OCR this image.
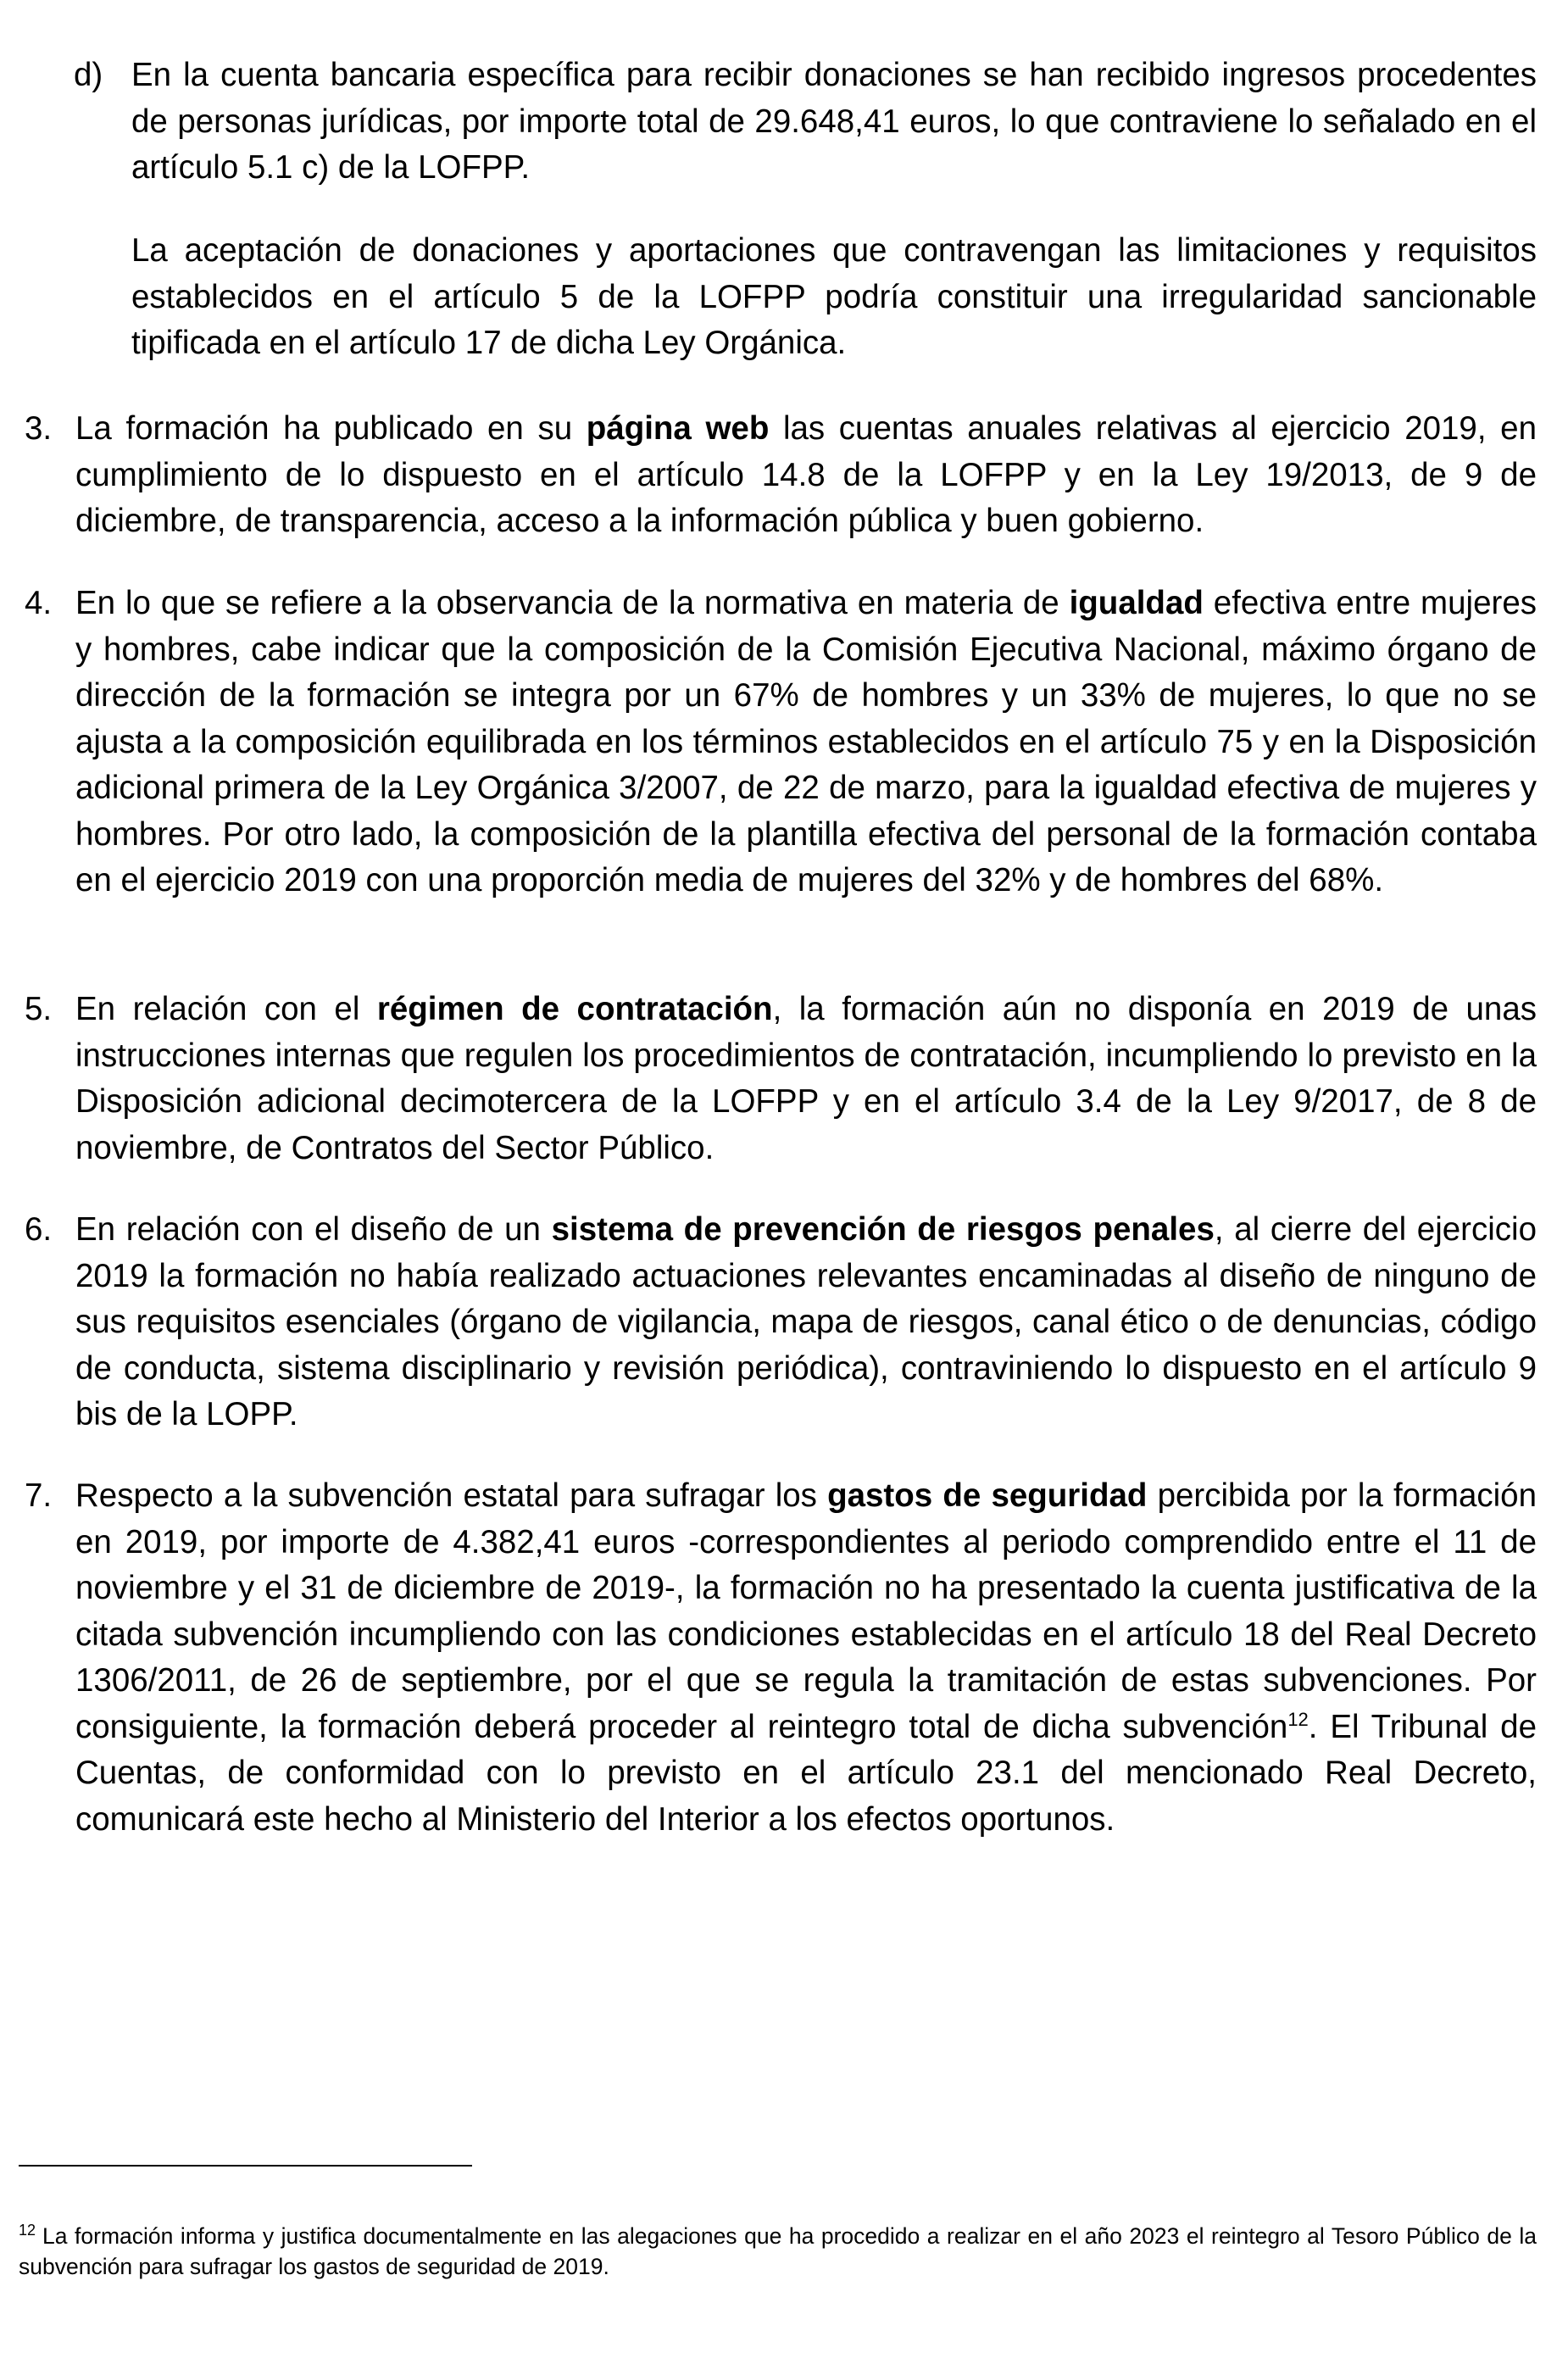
d) En la cuenta bancaria específica para recibir donaciones se han recibido ingresos procedentes de personas jurídicas, por importe total de 29.648,41 euros, lo que contraviene lo señalado en el artículo 5.1 c) de la LOFPP.

La aceptación de donaciones y aportaciones que contravengan las limitaciones y requisitos establecidos en el artículo 5 de la LOFPP podría constituir una irregularidad sancionable tipificada en el artículo 17 de dicha Ley Orgánica.

3. La formación ha publicado en su página web las cuentas anuales relativas al ejercicio 2019, en cumplimiento de lo dispuesto en el artículo 14.8 de la LOFPP y en la Ley 19/2013, de 9 de diciembre, de transparencia, acceso a la información pública y buen gobierno.

4. En lo que se refiere a la observancia de la normativa en materia de igualdad efectiva entre mujeres y hombres, cabe indicar que la composición de la Comisión Ejecutiva Nacional, máximo órgano de dirección de la formación se integra por un 67% de hombres y un 33% de mujeres, lo que no se ajusta a la composición equilibrada en los términos establecidos en el artículo 75 y en la Disposición adicional primera de la Ley Orgánica 3/2007, de 22 de marzo, para la igualdad efectiva de mujeres y hombres. Por otro lado, la composición de la plantilla efectiva del personal de la formación contaba en el ejercicio 2019 con una proporción media de mujeres del 32% y de hombres del 68%.

5. En relación con el régimen de contratación, la formación aún no disponía en 2019 de unas instrucciones internas que regulen los procedimientos de contratación, incumpliendo lo previsto en la Disposición adicional decimotercera de la LOFPP y en el artículo 3.4 de la Ley 9/2017, de 8 de noviembre, de Contratos del Sector Público.

6. En relación con el diseño de un sistema de prevención de riesgos penales, al cierre del ejercicio 2019 la formación no había realizado actuaciones relevantes encaminadas al diseño de ninguno de sus requisitos esenciales (órgano de vigilancia, mapa de riesgos, canal ético o de denuncias, código de conducta, sistema disciplinario y revisión periódica), contraviniendo lo dispuesto en el artículo 9 bis de la LOPP.

7. Respecto a la subvención estatal para sufragar los gastos de seguridad percibida por la formación en 2019, por importe de 4.382,41 euros -correspondientes al periodo comprendido entre el 11 de noviembre y el 31 de diciembre de 2019-, la formación no ha presentado la cuenta justificativa de la citada subvención incumpliendo con las condiciones establecidas en el artículo 18 del Real Decreto 1306/2011, de 26 de septiembre, por el que se regula la tramitación de estas subvenciones. Por consiguiente, la formación deberá proceder al reintegro total de dicha subvención$^{12}$. El Tribunal de Cuentas, de conformidad con lo previsto en el artículo 23.1 del mencionado Real Decreto, comunicará este hecho al Ministerio del Interior a los efectos oportunos.

$^{12}$ La formación informa y justifica documentalmente en las alegaciones que ha procedido a realizar en el año 2023 el reintegro al Tesoro Público de la subvención para sufragar los gastos de seguridad de 2019.
